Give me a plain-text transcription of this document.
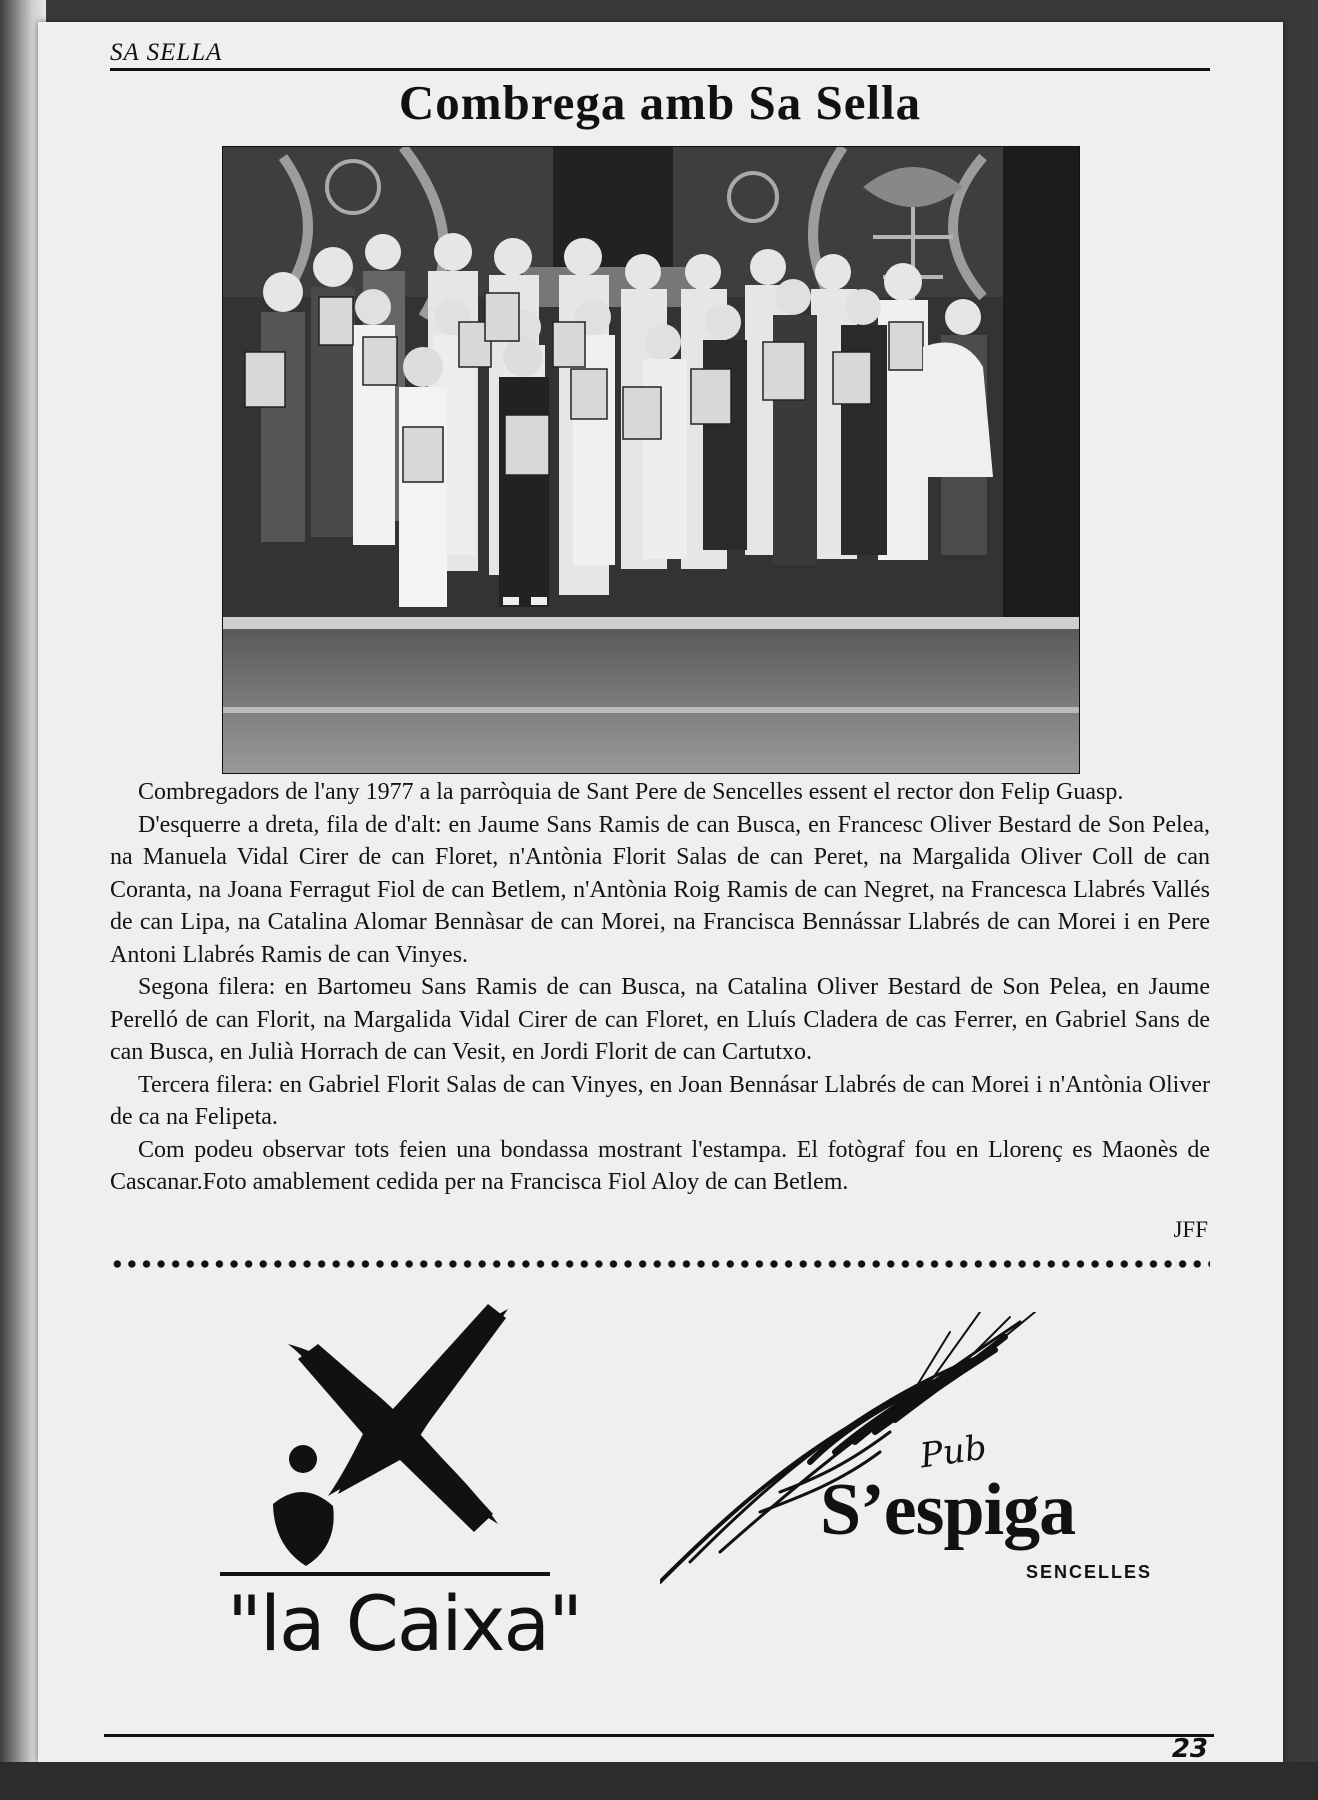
SA SELLA
Combrega amb Sa Sella

Combregadors de l'any 1977 a la parròquia de Sant Pere de Sencelles essent el rector don Felip Guasp.

D'esquerre a dreta, fila de d'alt: en Jaume Sans Ramis de can Busca, en Francesc Oliver Bestard de Son Pelea, na Manuela Vidal Cirer de can Floret, n'Antònia Florit Salas de can Peret, na Margalida Oliver Coll de can Coranta, na Joana Ferragut Fiol de can Betlem, n'Antònia Roig Ramis de can Negret, na Francesca Llabrés Vallés de can Lipa, na Catalina Alomar Bennàsar de can Morei, na Francisca Bennássar Llabrés de can Morei i en Pere Antoni Llabrés Ramis de can Vinyes.

Segona filera: en Bartomeu Sans Ramis de can Busca, na Catalina Oliver Bestard de Son Pelea, en Jaume Perelló de can Florit, na Margalida Vidal Cirer de can Floret, en Lluís Cladera de cas Ferrer, en Gabriel Sans de can Busca, en Julià Horrach de can Vesit, en Jordi Florit de can Cartutxo.

Tercera filera: en Gabriel Florit Salas de can Vinyes, en Joan Bennásar Llabrés de can Morei i n'Antònia Oliver de ca na Felipeta.

Com podeu observar tots feien una bondassa mostrant l'estampa. El fotògraf fou en Llorenç es Maonès de Cascanar.Foto amablement cedida per na Francisca Fiol Aloy de can Betlem.

JFF
"la Caixa"
Pub
S’espiga
SENCELLES
23
